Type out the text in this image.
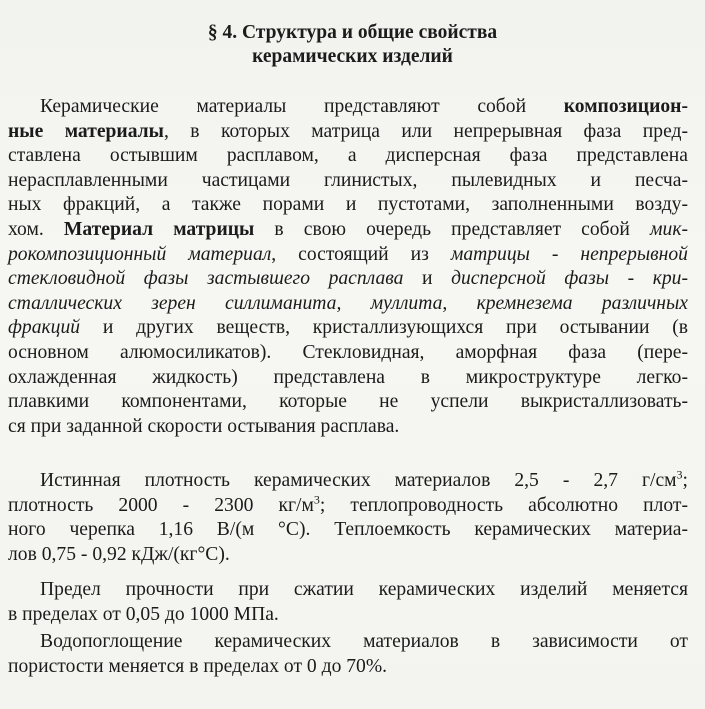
§ 4. Структура и общие свойства
керамических изделий
Керамические материалы представляют собой композицион-
ные материалы, в которых матрица или непрерывная фаза пред-
ставлена остывшим расплавом, а дисперсная фаза представлена
нерасплавленными частицами глинистых, пылевидных и песча-
ных фракций, а также порами и пустотами, заполненными возду-
хом. Материал матрицы в свою очередь представляет собой мик-
рокомпозиционный материал, состоящий из матрицы - непрерывной
стекловидной фазы застывшего расплава и дисперсной фазы - кри-
сталлических зерен силлиманита, муллита, кремнезема различных
фракций и других веществ, кристаллизующихся при остывании (в
основном алюмосиликатов). Стекловидная, аморфная фаза (пере-
охлажденная жидкость) представлена в микроструктуре легко-
плавкими компонентами, которые не успели выкристаллизовать-
ся при заданной скорости остывания расплава.
Истинная плотность керамических материалов 2,5 - 2,7 $г/см^3$;
плотность 2000 - 2300 $кг/м^3$; теплопроводность абсолютно плот-
ного черепка 1,16 В/(м °С). Теплоемкость керамических материа-
лов 0,75 - 0,92 кДж/(кг°С).
Предел прочности при сжатии керамических изделий меняется
в пределах от 0,05 до 1000 МПа.
Водопоглощение керамических материалов в зависимости от
пористости меняется в пределах от 0 до 70%.
